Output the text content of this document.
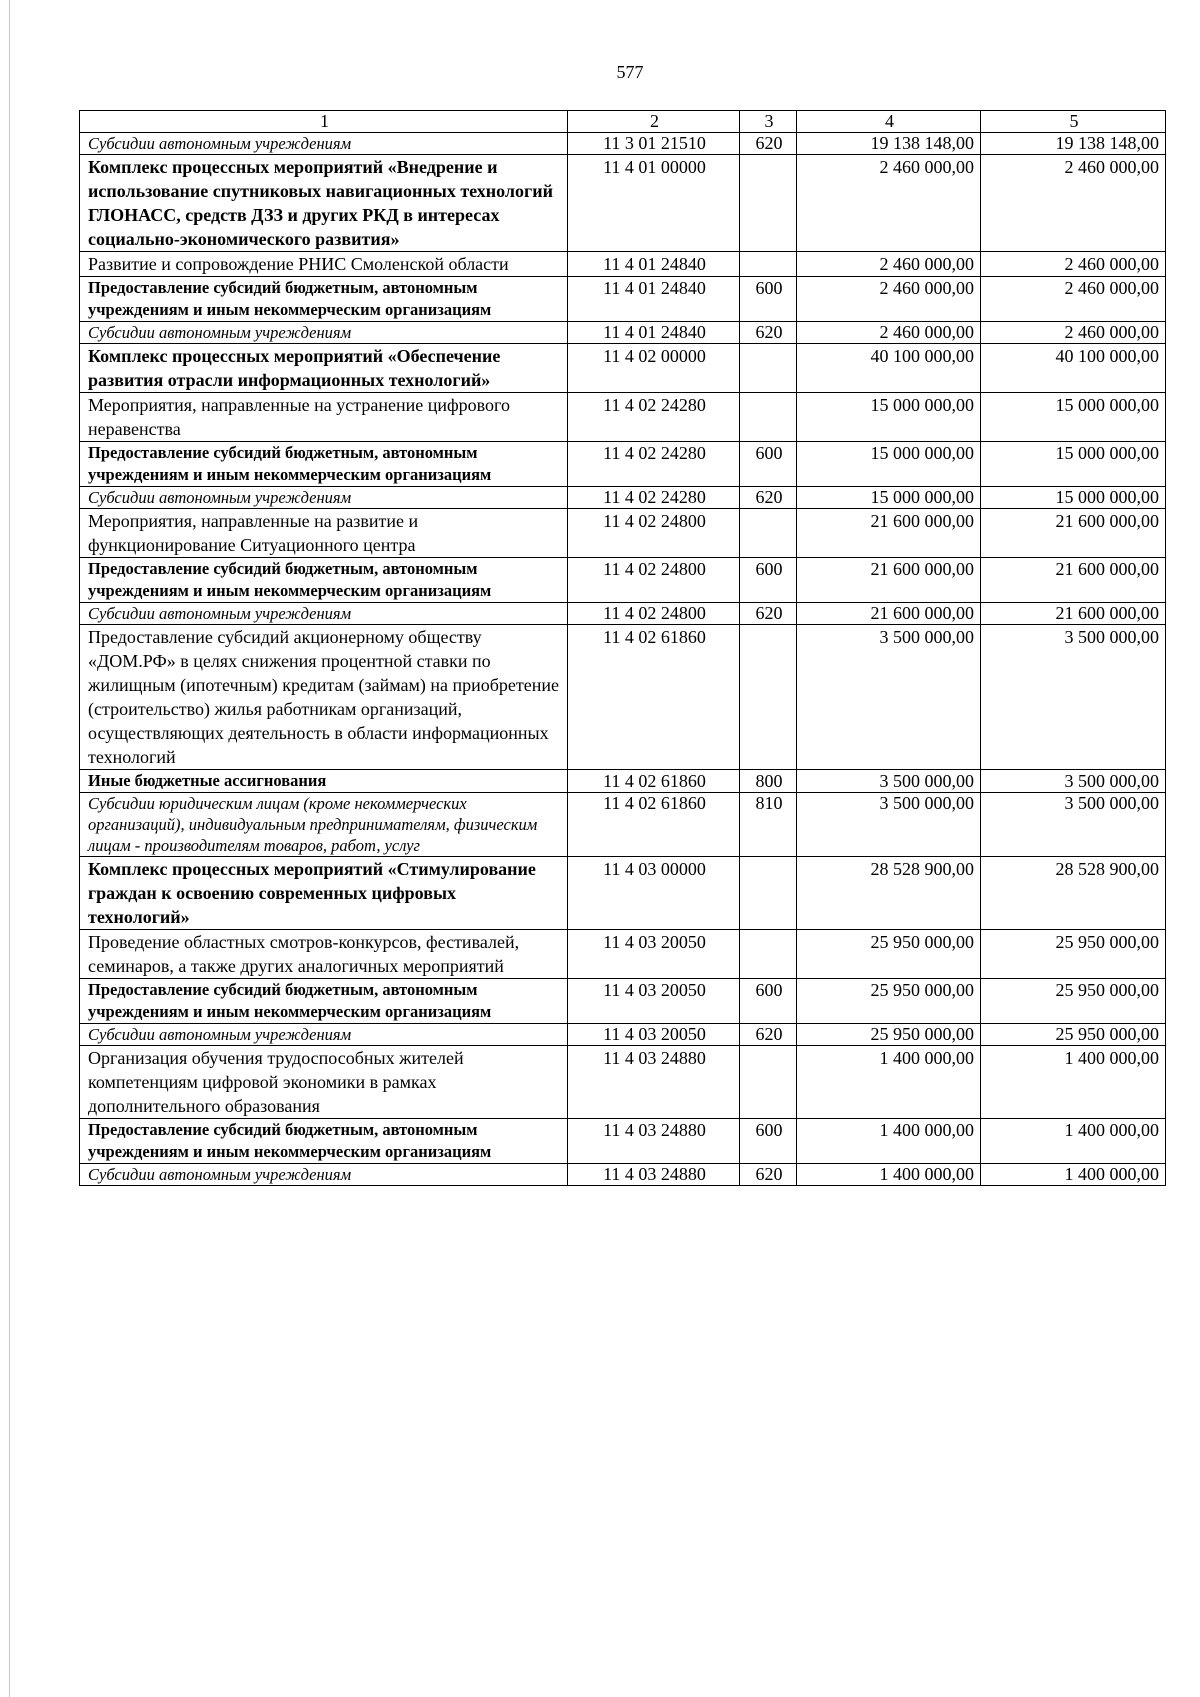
577
1	2	3	4	5
Субсидии автономным учреждениям	11 3 01 21510	620	19 138 148,00	19 138 148,00
Комплекс процессных мероприятий «Внедрение и использование спутниковых навигационных технологий ГЛОНАСС, средств ДЗЗ и других РКД в интересах социально-экономического развития»	11 4 01 00000		2 460 000,00	2 460 000,00
Развитие и сопровождение РНИС Смоленской области	11 4 01 24840		2 460 000,00	2 460 000,00
Предоставление субсидий бюджетным, автономным учреждениям и иным некоммерческим организациям	11 4 01 24840	600	2 460 000,00	2 460 000,00
Субсидии автономным учреждениям	11 4 01 24840	620	2 460 000,00	2 460 000,00
Комплекс процессных мероприятий «Обеспечение развития отрасли информационных технологий»	11 4 02 00000		40 100 000,00	40 100 000,00
Мероприятия, направленные на устранение цифрового неравенства	11 4 02 24280		15 000 000,00	15 000 000,00
Предоставление субсидий бюджетным, автономным учреждениям и иным некоммерческим организациям	11 4 02 24280	600	15 000 000,00	15 000 000,00
Субсидии автономным учреждениям	11 4 02 24280	620	15 000 000,00	15 000 000,00
Мероприятия, направленные на развитие и функционирование Ситуационного центра	11 4 02 24800		21 600 000,00	21 600 000,00
Предоставление субсидий бюджетным, автономным учреждениям и иным некоммерческим организациям	11 4 02 24800	600	21 600 000,00	21 600 000,00
Субсидии автономным учреждениям	11 4 02 24800	620	21 600 000,00	21 600 000,00
Предоставление субсидий акционерному обществу «ДОМ.РФ» в целях снижения процентной ставки по жилищным (ипотечным) кредитам (займам) на приобретение (строительство) жилья работникам организаций, осуществляющих деятельность в области информационных технологий	11 4 02 61860		3 500 000,00	3 500 000,00
Иные бюджетные ассигнования	11 4 02 61860	800	3 500 000,00	3 500 000,00
Субсидии юридическим лицам (кроме некоммерческих организаций), индивидуальным предпринимателям, физическим лицам - производителям товаров, работ, услуг	11 4 02 61860	810	3 500 000,00	3 500 000,00
Комплекс процессных мероприятий «Стимулирование граждан к освоению современных цифровых технологий»	11 4 03 00000		28 528 900,00	28 528 900,00
Проведение областных смотров-конкурсов, фестивалей, семинаров, а также других аналогичных мероприятий	11 4 03 20050		25 950 000,00	25 950 000,00
Предоставление субсидий бюджетным, автономным учреждениям и иным некоммерческим организациям	11 4 03 20050	600	25 950 000,00	25 950 000,00
Субсидии автономным учреждениям	11 4 03 20050	620	25 950 000,00	25 950 000,00
Организация обучения трудоспособных жителей компетенциям цифровой экономики в рамках дополнительного образования	11 4 03 24880		1 400 000,00	1 400 000,00
Предоставление субсидий бюджетным, автономным учреждениям и иным некоммерческим организациям	11 4 03 24880	600	1 400 000,00	1 400 000,00
Субсидии автономным учреждениям	11 4 03 24880	620	1 400 000,00	1 400 000,00
